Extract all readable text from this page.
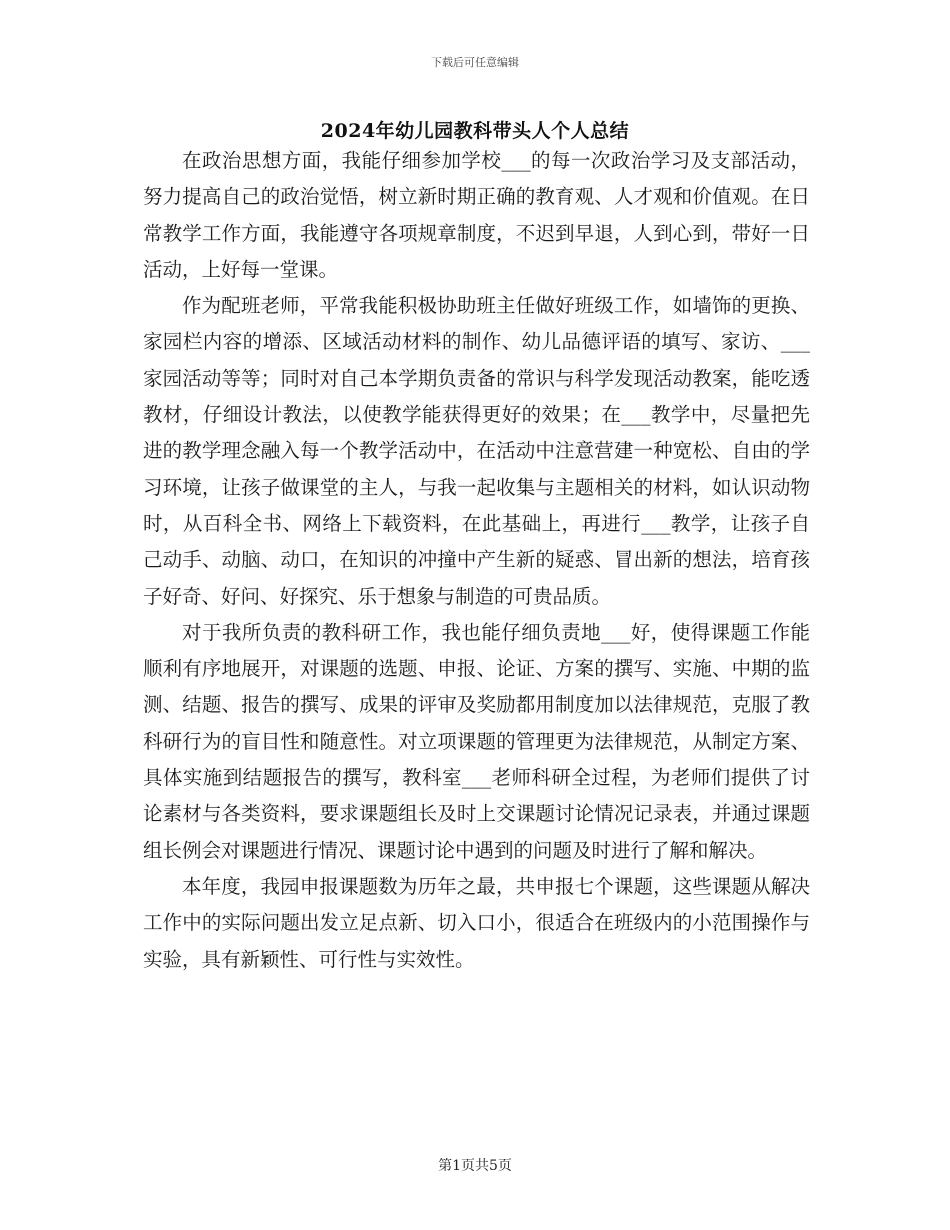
下载后可任意编辑
2024年幼儿园教科带头人个人总结

在政治思想方面，我能仔细参加学校___的每一次政治学习及支部活动，努力提高自己的政治觉悟，树立新时期正确的教育观、人才观和价值观。在日常教学工作方面，我能遵守各项规章制度，不迟到早退，人到心到，带好一日活动，上好每一堂课。

作为配班老师，平常我能积极协助班主任做好班级工作，如墙饰的更换、家园栏内容的增添、区域活动材料的制作、幼儿品德评语的填写、家访、___家园活动等等；同时对自己本学期负责备的常识与科学发现活动教案，能吃透教材，仔细设计教法，以使教学能获得更好的效果；在___教学中，尽量把先进的教学理念融入每一个教学活动中，在活动中注意营建一种宽松、自由的学习环境，让孩子做课堂的主人，与我一起收集与主题相关的材料，如认识动物时，从百科全书、网络上下载资料，在此基础上，再进行___教学，让孩子自己动手、动脑、动口，在知识的冲撞中产生新的疑惑、冒出新的想法，培育孩子好奇、好问、好探究、乐于想象与制造的可贵品质。

对于我所负责的教科研工作，我也能仔细负责地___好，使得课题工作能顺利有序地展开，对课题的选题、申报、论证、方案的撰写、实施、中期的监测、结题、报告的撰写、成果的评审及奖励都用制度加以法律规范，克服了教科研行为的盲目性和随意性。对立项课题的管理更为法律规范，从制定方案、具体实施到结题报告的撰写，教科室___老师科研全过程，为老师们提供了讨论素材与各类资料，要求课题组长及时上交课题讨论情况记录表，并通过课题组长例会对课题进行情况、课题讨论中遇到的问题及时进行了解和解决。

本年度，我园申报课题数为历年之最，共申报七个课题，这些课题从解决工作中的实际问题出发立足点新、切入口小，很适合在班级内的小范围操作与实验，具有新颖性、可行性与实效性。

第1页共5页
